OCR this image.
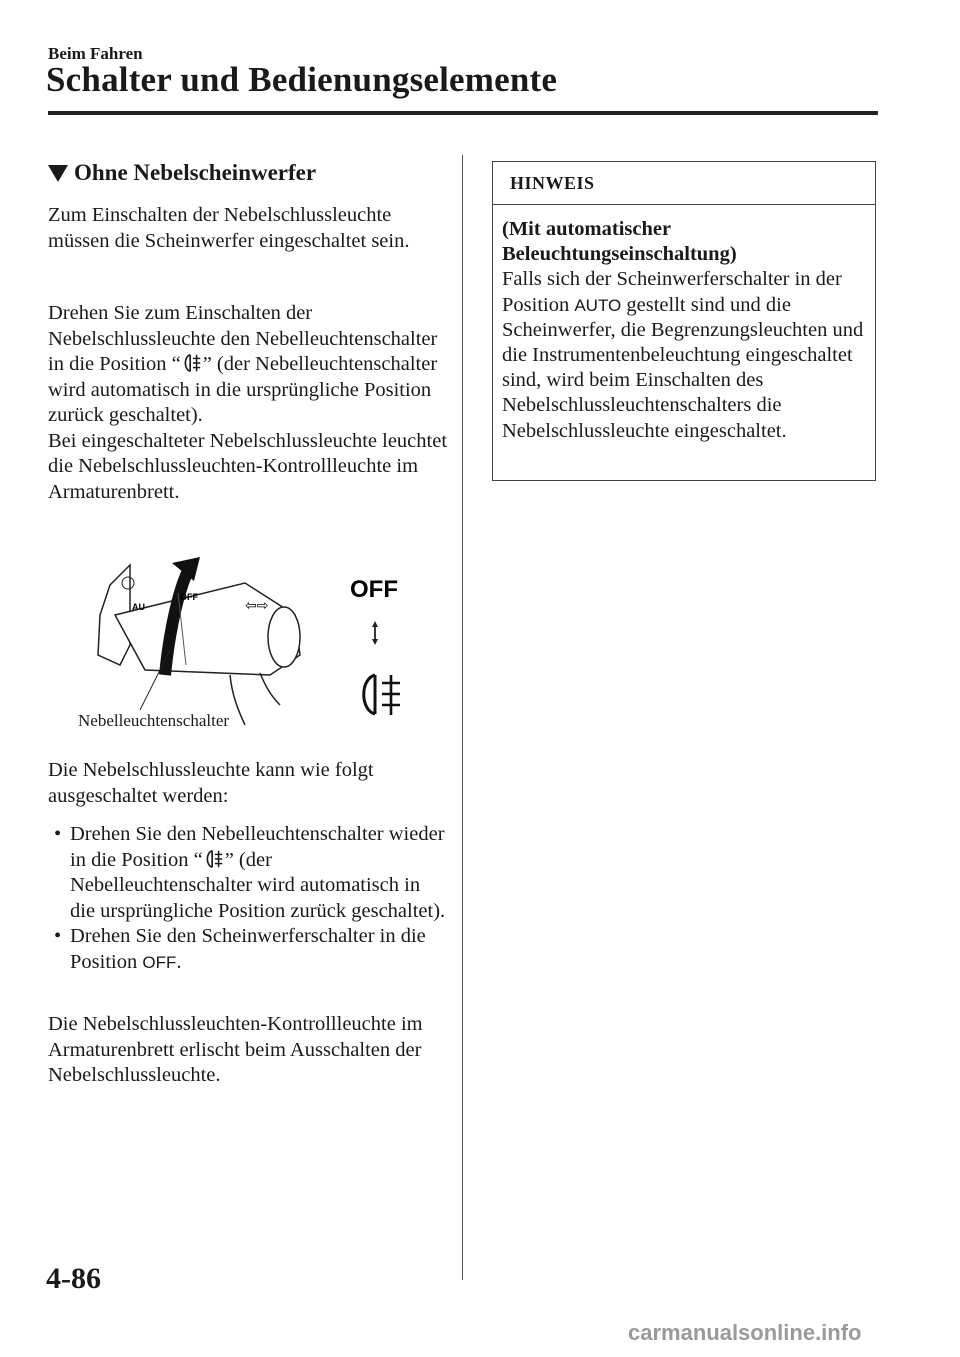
Beim Fahren
Schalter und Bedienungselemente
Ohne Nebelscheinwerfer
Zum Einschalten der Nebelschlussleuchte müssen die Scheinwerfer eingeschaltet sein.
Drehen Sie zum Einschalten der Nebelschlussleuchte den Nebelleuchtenschalter in die Position “ ” (der Nebelleuchtenschalter wird automatisch in die ursprüngliche Position zurück geschaltet).
Bei eingeschalteter Nebelschlussleuchte leuchtet die Nebelschlussleuchten-Kontrollleuchte im Armaturenbrett.
OFF
⇦⇨
AU
OFF
Nebelleuchtenschalter
Die Nebelschlussleuchte kann wie folgt ausgeschaltet werden:
• Drehen Sie den Nebelleuchtenschalter wieder in die Position “ ” (der Nebelleuchtenschalter wird automatisch in die ursprüngliche Position zurück geschaltet).
• Drehen Sie den Scheinwerferschalter in die Position OFF.
Die Nebelschlussleuchten-Kontrollleuchte im Armaturenbrett erlischt beim Ausschalten der Nebelschlussleuchte.
HINWEIS
(Mit automatischer Beleuchtungseinschaltung)
Falls sich der Scheinwerferschalter in der Position AUTO gestellt sind und die Scheinwerfer, die Begrenzungsleuchten und die Instrumentenbeleuchtung eingeschaltet sind, wird beim Einschalten des Nebelschlussleuchtenschalters die Nebelschlussleuchte eingeschaltet.
4-86
carmanualsonline.info
